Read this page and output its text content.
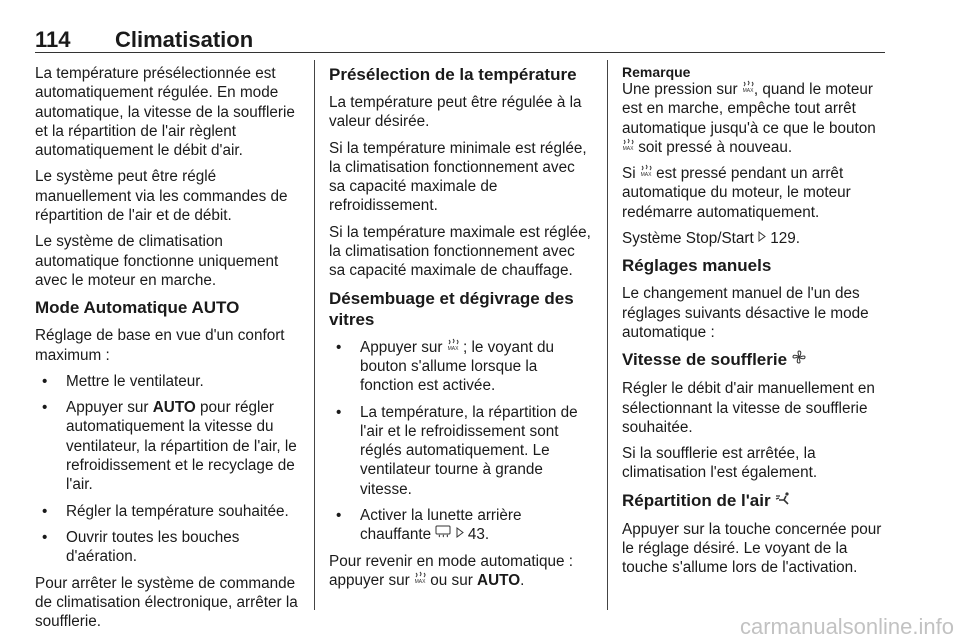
114 Climatisation

La température présélectionnée est automatiquement régulée. En mode automatique, la vitesse de la soufflerie et la répartition de l'air règlent automatiquement le débit d'air.

Le système peut être réglé manuellement via les commandes de répartition de l'air et de débit.

Le système de climatisation automatique fonctionne uniquement avec le moteur en marche.

Mode Automatique AUTO

Réglage de base en vue d'un confort maximum :

• Mettre le ventilateur.
• Appuyer sur AUTO pour régler automatiquement la vitesse du ventilateur, la répartition de l'air, le refroidissement et le recyclage de l'air.
• Régler la température souhaitée.
• Ouvrir toutes les bouches d'aération.

Pour arrêter le système de commande de climatisation électronique, arrêter la soufflerie.

Présélection de la température

La température peut être régulée à la valeur désirée.

Si la température minimale est réglée, la climatisation fonctionnement avec sa capacité maximale de refroidissement.

Si la température maximale est réglée, la climatisation fonctionnement avec sa capacité maximale de chauffage.

Désembuage et dégivrage des vitres
• Appuyer sur MAX ; le voyant du bouton s'allume lorsque la fonction est activée.
• La température, la répartition de l'air et le refroidissement sont réglés automatiquement. Le ventilateur tourne à grande vitesse.
• Activer la lunette arrière chauffante   43.

Pour revenir en mode automatique : appuyer sur MAX ou sur AUTO.

Remarque

Une pression sur MAX , quand le moteur est en marche, empêche tout arrêt automatique jusqu'à ce que le bouton
MAX soit pressé à nouveau.

Si MAX est pressé pendant un arrêt automatique du moteur, le moteur redémarre automatiquement.

Système Stop/Start  129.

Réglages manuels

Le changement manuel de l'un des réglages suivants désactive le mode automatique :

Vitesse de soufflerie

Régler le débit d'air manuellement en sélectionnant la vitesse de soufflerie souhaitée.

Si la soufflerie est arrêtée, la climatisation l'est également.

Répartition de l'air

Appuyer sur la touche concernée pour le réglage désiré. Le voyant de la touche s'allume lors de l'activation.

carmanualsonline.info
